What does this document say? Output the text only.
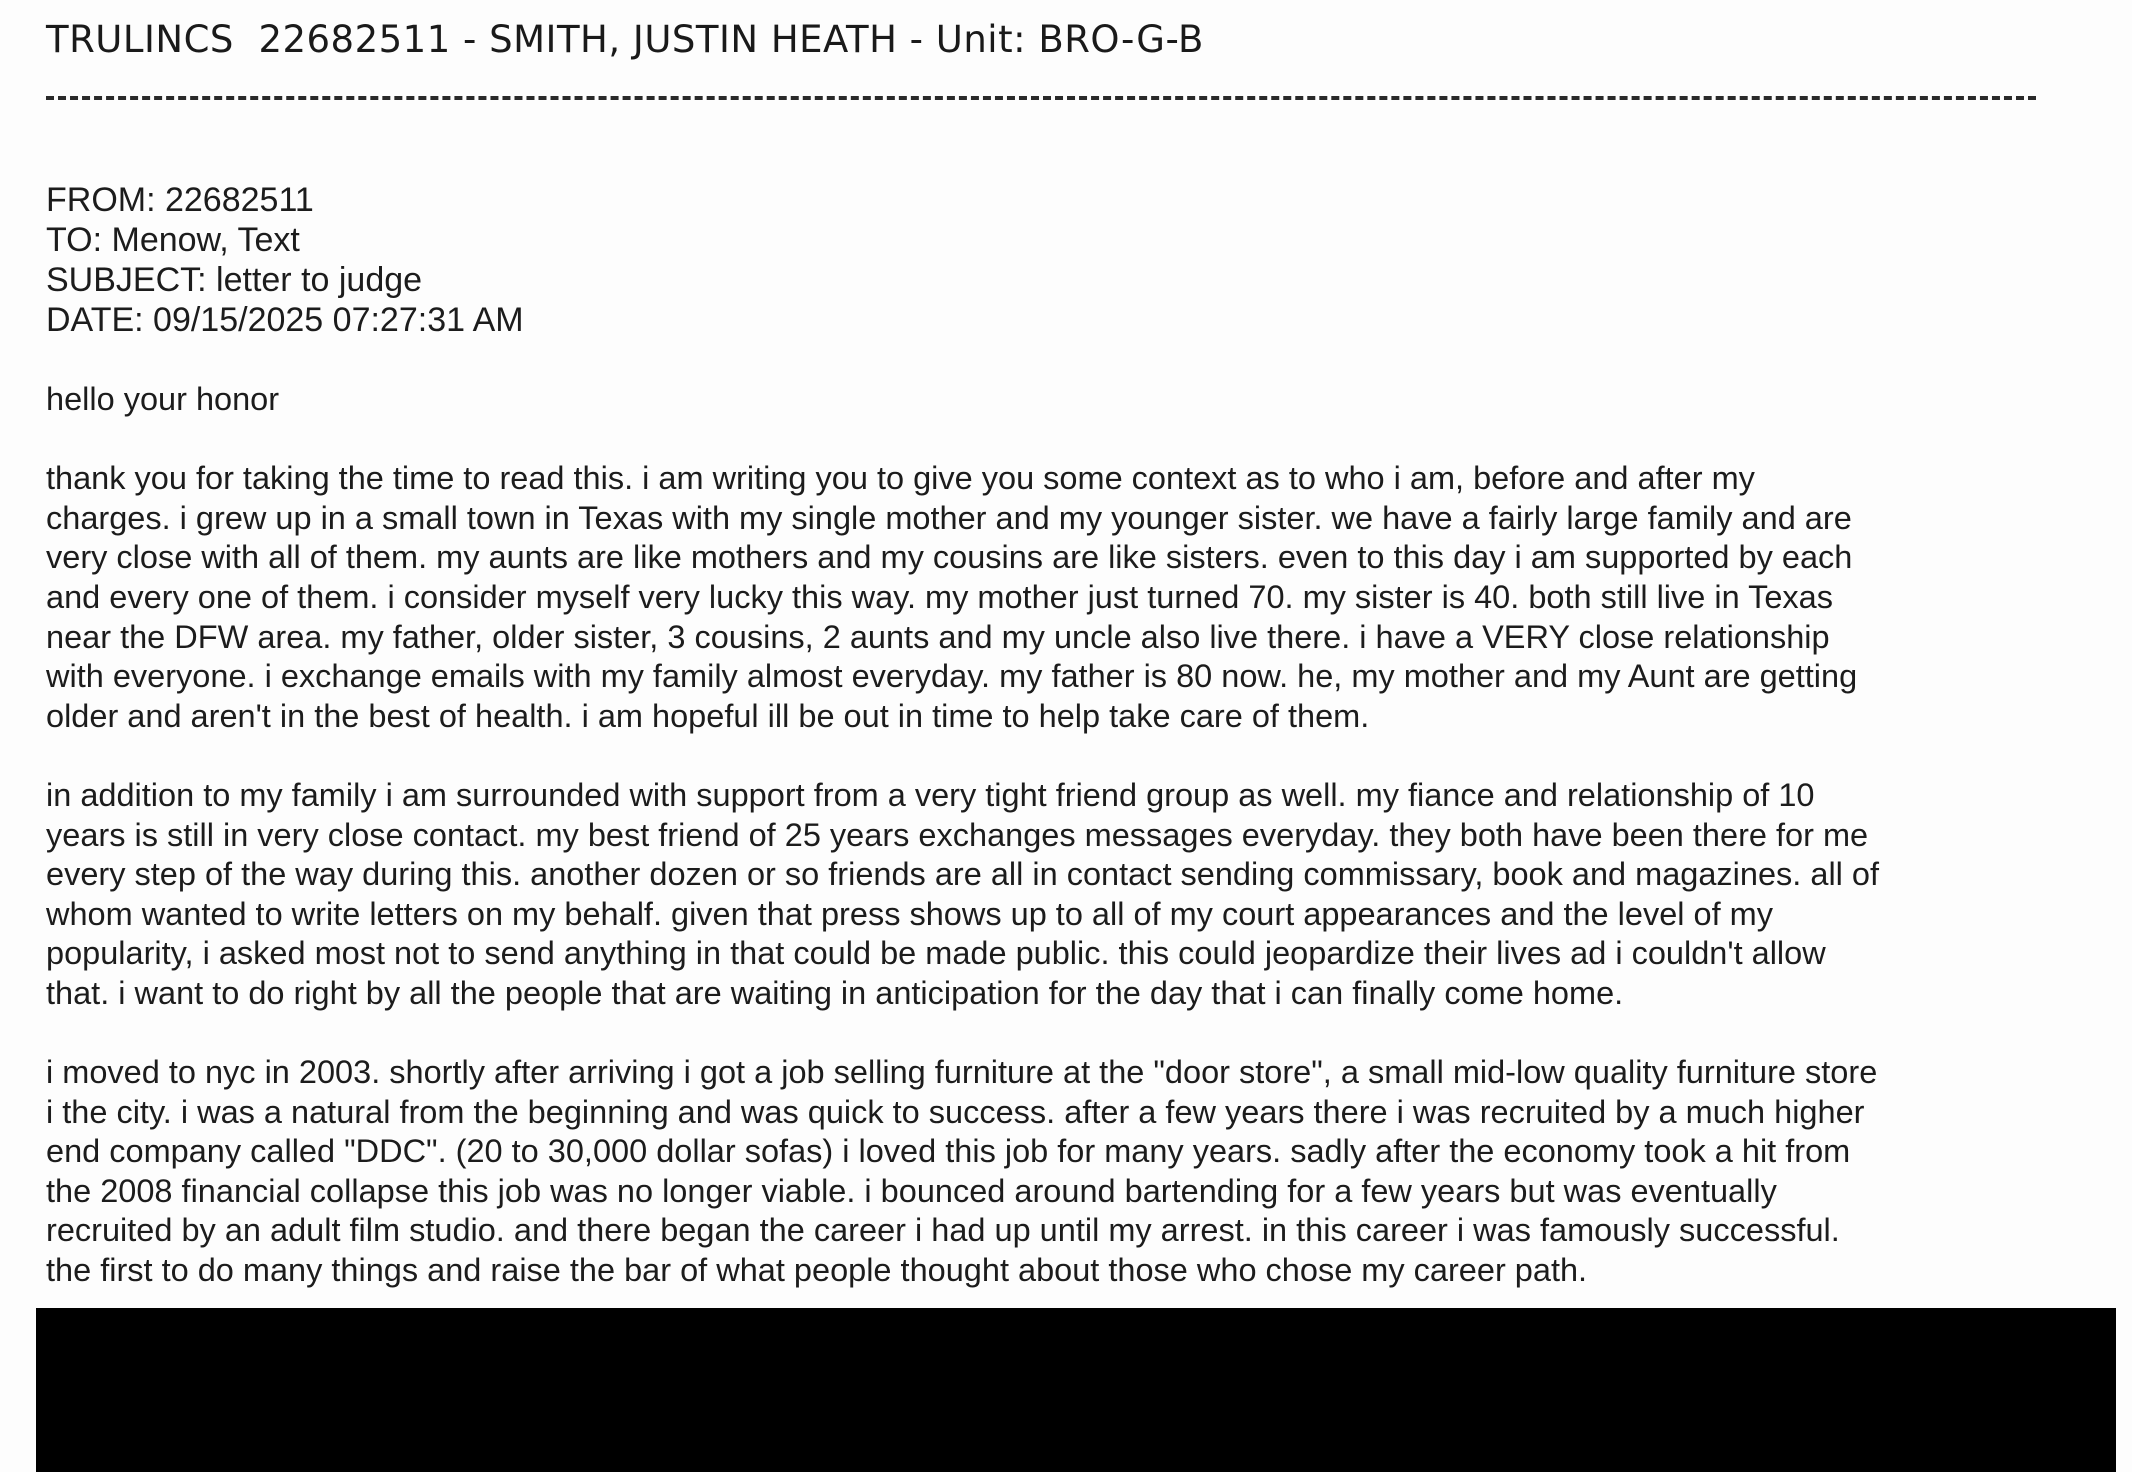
TRULINCS  22682511 - SMITH, JUSTIN HEATH - Unit: BRO-G-B
FROM: 22682511
TO: Menow, Text
SUBJECT: letter to judge
DATE: 09/15/2025 07:27:31 AM
hello your honor
thank you for taking the time to read this. i am writing you to give you some context as to who i am, before and after my
charges. i grew up in a small town in Texas with my single mother and my younger sister. we have a fairly large family and are
very close with all of them. my aunts are like mothers and my cousins are like sisters. even to this day i am supported by each
and every one of them. i consider myself very lucky this way. my mother just turned 70. my sister is 40. both still live in Texas
near the DFW area. my father, older sister, 3 cousins, 2 aunts and my uncle also live there. i have a VERY close relationship
with everyone. i exchange emails with my family almost everyday. my father is 80 now. he, my mother and my Aunt are getting
older and aren't in the best of health. i am hopeful ill be out in time to help take care of them.
in addition to my family i am surrounded with support from a very tight friend group as well. my fiance and relationship of 10
years is still in very close contact. my best friend of 25 years exchanges messages everyday. they both have been there for me
every step of the way during this. another dozen or so friends are all in contact sending commissary, book and magazines. all of
whom wanted to write letters on my behalf. given that press shows up to all of my court appearances and the level of my
popularity, i asked most not to send anything in that could be made public. this could jeopardize their lives ad i couldn't allow
that. i want to do right by all the people that are waiting in anticipation for the day that i can finally come home.
i moved to nyc in 2003. shortly after arriving i got a job selling furniture at the "door store", a small mid-low quality furniture store
i the city. i was a natural from the beginning and was quick to success. after a few years there i was recruited by a much higher
end company called "DDC". (20 to 30,000 dollar sofas) i loved this job for many years. sadly after the economy took a hit from
the 2008 financial collapse this job was no longer viable. i bounced around bartending for a few years but was eventually
recruited by an adult film studio. and there began the career i had up until my arrest. in this career i was famously successful.
the first to do many things and raise the bar of what people thought about those who chose my career path.
